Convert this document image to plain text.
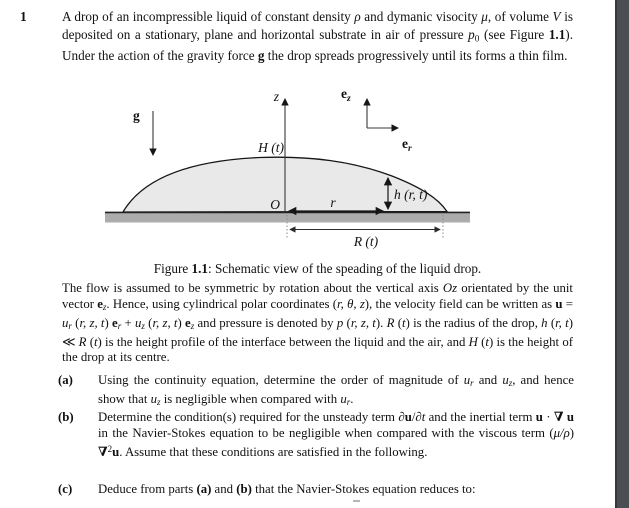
1	A drop of an incompressible liquid of constant density ρ and dymanic visocity μ, of volume V is deposited on a stationary, plane and horizontal substrate in air of pressure $p_0$ (see Figure 1.1). Under the action of the gravity force g the drop spreads progressively until its forms a thin film.
z	$e_z$
$e_r$
g
H (t)
O	r
h (r, t)
R (t)
Figure 1.1: Schematic view of the speading of the liquid drop.
The flow is assumed to be symmetric by rotation about the vertical axis Oz orientated by the unit vector $e_z$. Hence, using cylindrical polar coordinates (r, θ, z), the velocity field can be written as $u = u_r$ (r, z, t) $e_r + u_z$ (r, z, t) $e_z$ and pressure is denoted by p (r, z, t). R (t) is the radius of the drop, h (r, t) ≪ R (t) is the height profile of the interface between the liquid and the air, and H (t) is the height of the drop at its centre.
(a)	Using the continuity equation, determine the order of magnitude of $u_r$ and $u_z$, and hence show that $u_z$ is negligible when compared with $u_r$.
(b)	Determine the condition(s) required for the unsteady term ∂u/∂t and the inertial term u · ∇ u in the Navier-Stokes equation to be negligible when compared with the viscous term (μ/ρ) ∇$^2$u. Assume that these conditions are satisfied in the following.
(c)	Deduce from parts (a) and (b) that the Navier-Stokes equation reduces to:
